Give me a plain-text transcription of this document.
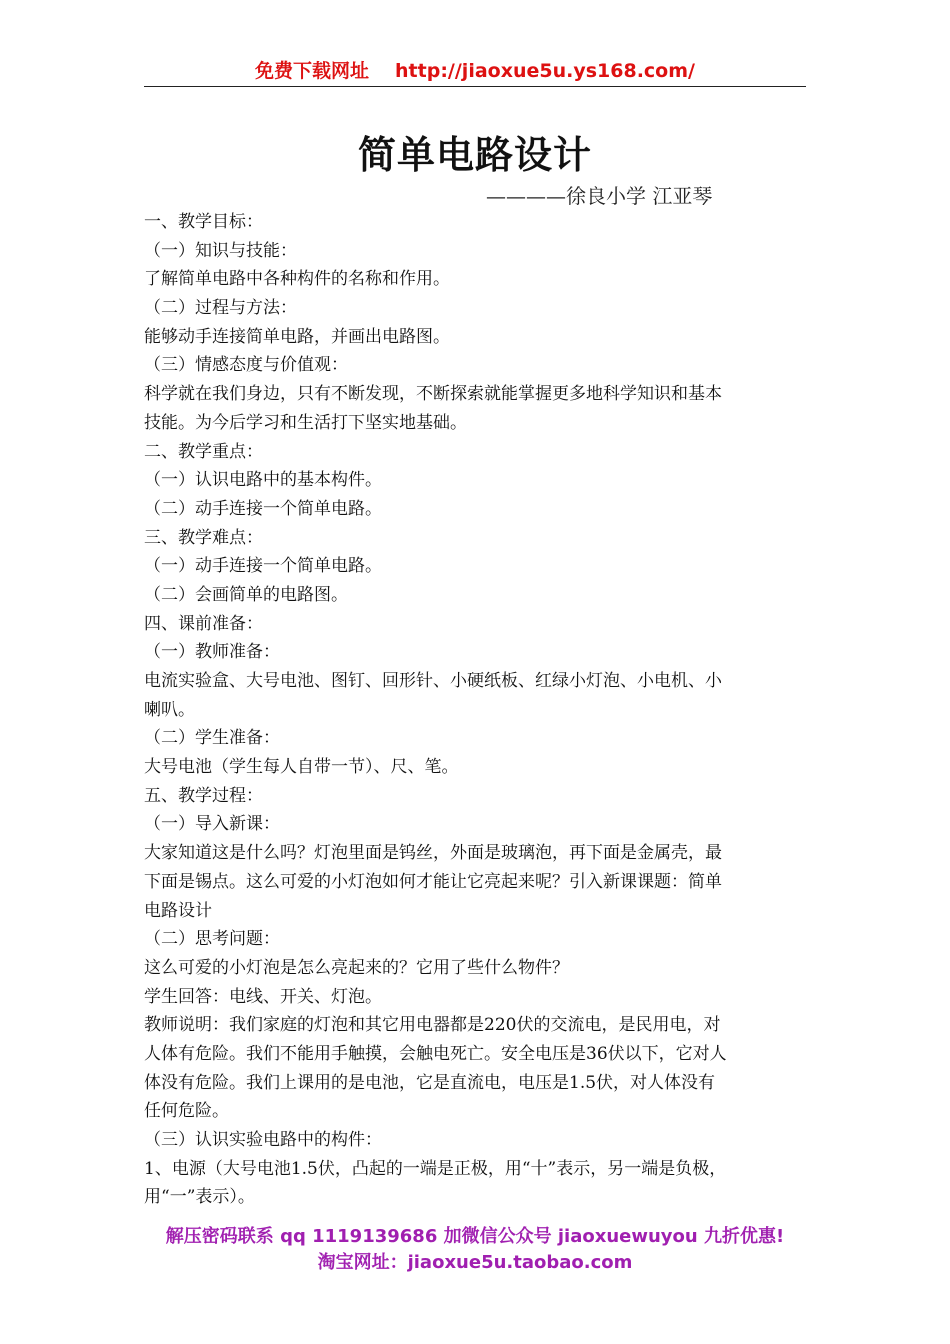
免费下载网址 http://jiaoxue5u.ys168.com/
简单电路设计
————徐良小学 江亚琴
一、教学目标：
（一）知识与技能：
了解简单电路中各种构件的名称和作用。
（二）过程与方法：
能够动手连接简单电路，并画出电路图。
（三）情感态度与价值观：
科学就在我们身边，只有不断发现，不断探索就能掌握更多地科学知识和基本
技能。为今后学习和生活打下坚实地基础。
二、教学重点：
（一）认识电路中的基本构件。
（二）动手连接一个简单电路。
三、教学难点：
（一）动手连接一个简单电路。
（二）会画简单的电路图。
四、课前准备：
（一）教师准备：
电流实验盒、大号电池、图钉、回形针、小硬纸板、红绿小灯泡、小电机、小
喇叭。
（二）学生准备：
大号电池（学生每人自带一节）、尺、笔。
五、教学过程：
（一）导入新课：
大家知道这是什么吗？灯泡里面是钨丝，外面是玻璃泡，再下面是金属壳，最
下面是锡点。这么可爱的小灯泡如何才能让它亮起来呢？引入新课课题：简单
电路设计
（二）思考问题：
这么可爱的小灯泡是怎么亮起来的？它用了些什么物件？
学生回答：电线、开关、灯泡。
教师说明：我们家庭的灯泡和其它用电器都是220伏的交流电，是民用电，对
人体有危险。我们不能用手触摸，会触电死亡。安全电压是36伏以下，它对人
体没有危险。我们上课用的是电池，它是直流电，电压是1.5伏，对人体没有
任何危险。
（三）认识实验电路中的构件：
1、电源（大号电池1.5伏，凸起的一端是正极，用“十”表示，另一端是负极，
用“一”表示）。
解压密码联系 qq 1119139686 加微信公众号 jiaoxuewuyou 九折优惠!
淘宝网址：jiaoxue5u.taobao.com
